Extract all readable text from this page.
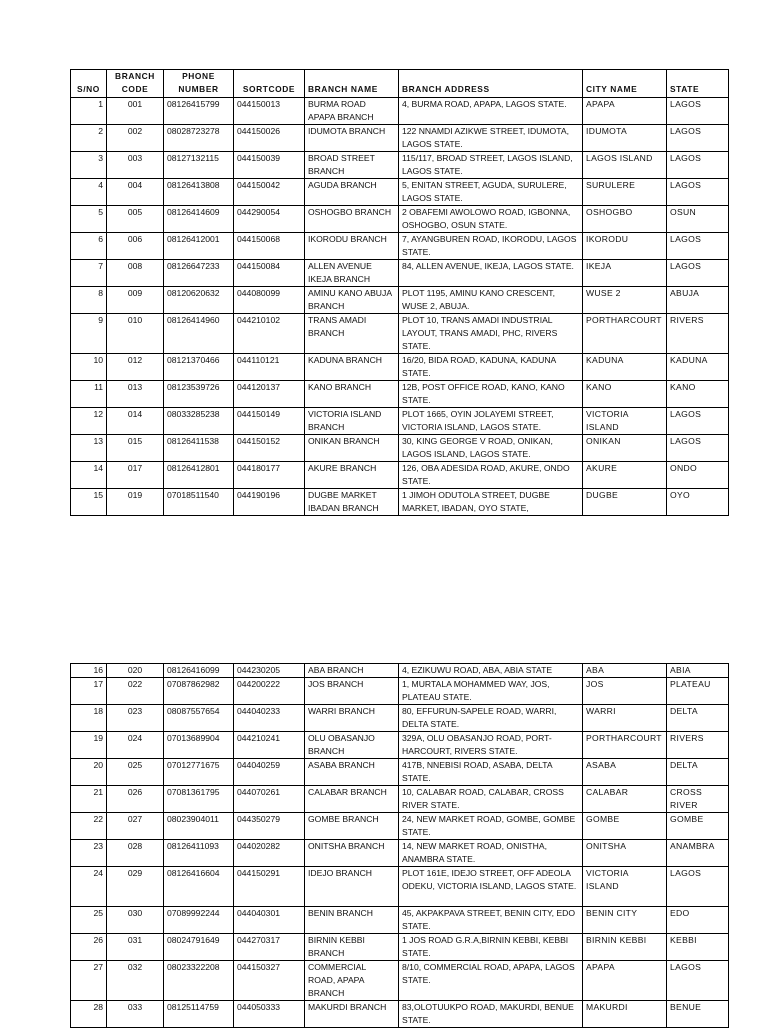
S/NO	BRANCH CODE	PHONE NUMBER	SORTCODE	BRANCH NAME	BRANCH ADDRESS	CITY NAME	STATE
1	001	08126415799	044150013	BURMA ROAD APAPA BRANCH	4, BURMA ROAD, APAPA, LAGOS STATE.	APAPA	LAGOS
2	002	08028723278	044150026	IDUMOTA BRANCH	122 NNAMDI AZIKWE STREET, IDUMOTA, LAGOS STATE.	IDUMOTA	LAGOS
3	003	08127132115	044150039	BROAD STREET BRANCH	115/117, BROAD STREET, LAGOS ISLAND, LAGOS STATE.	LAGOS ISLAND	LAGOS
4	004	08126413808	044150042	AGUDA BRANCH	5, ENITAN STREET, AGUDA, SURULERE, LAGOS STATE.	SURULERE	LAGOS
5	005	08126414609	044290054	OSHOGBO BRANCH	2 OBAFEMI AWOLOWO ROAD, IGBONNA, OSHOGBO, OSUN STATE.	OSHOGBO	OSUN
6	006	08126412001	044150068	IKORODU BRANCH	7, AYANGBUREN ROAD, IKORODU, LAGOS STATE.	IKORODU	LAGOS
7	008	08126647233	044150084	ALLEN AVENUE IKEJA BRANCH	84, ALLEN AVENUE, IKEJA, LAGOS STATE.	IKEJA	LAGOS
8	009	08120620632	044080099	AMINU KANO ABUJA BRANCH	PLOT 1195, AMINU KANO CRESCENT, WUSE 2, ABUJA.	WUSE 2	ABUJA
9	010	08126414960	044210102	TRANS AMADI BRANCH	PLOT 10, TRANS AMADI INDUSTRIAL LAYOUT, TRANS AMADI, PHC, RIVERS STATE.	PORTHARCOURT	RIVERS
10	012	08121370466	044110121	KADUNA BRANCH	16/20, BIDA ROAD, KADUNA, KADUNA STATE.	KADUNA	KADUNA
11	013	08123539726	044120137	KANO BRANCH	12B, POST OFFICE ROAD, KANO, KANO STATE.	KANO	KANO
12	014	08033285238	044150149	VICTORIA ISLAND BRANCH	PLOT 1665, OYIN JOLAYEMI STREET, VICTORIA ISLAND, LAGOS STATE.	VICTORIA ISLAND	LAGOS
13	015	08126411538	044150152	ONIKAN BRANCH	30, KING GEORGE V ROAD, ONIKAN, LAGOS ISLAND, LAGOS STATE.	ONIKAN	LAGOS
14	017	08126412801	044180177	AKURE BRANCH	126, OBA ADESIDA ROAD, AKURE, ONDO STATE.	AKURE	ONDO
15	019	07018511540	044190196	DUGBE MARKET IBADAN BRANCH	1 JIMOH ODUTOLA STREET, DUGBE MARKET, IBADAN, OYO STATE,	DUGBE	OYO
16	020	08126416099	044230205	ABA BRANCH	4, EZIKUWU ROAD, ABA, ABIA STATE	ABA	ABIA
17	022	07087862982	044200222	JOS BRANCH	1, MURTALA MOHAMMED WAY, JOS, PLATEAU STATE.	JOS	PLATEAU
18	023	08087557654	044040233	WARRI BRANCH	80, EFFURUN-SAPELE ROAD, WARRI, DELTA STATE.	WARRI	DELTA
19	024	07013689904	044210241	OLU OBASANJO BRANCH	329A, OLU OBASANJO ROAD, PORT-HARCOURT, RIVERS STATE.	PORTHARCOURT	RIVERS
20	025	07012771675	044040259	ASABA BRANCH	417B, NNEBISI ROAD, ASABA, DELTA STATE.	ASABA	DELTA
21	026	07081361795	044070261	CALABAR BRANCH	10, CALABAR ROAD, CALABAR, CROSS RIVER STATE.	CALABAR	CROSS RIVER
22	027	08023904011	044350279	GOMBE BRANCH	24, NEW MARKET ROAD, GOMBE, GOMBE STATE.	GOMBE	GOMBE
23	028	08126411093	044020282	ONITSHA BRANCH	14, NEW MARKET ROAD, ONISTHA, ANAMBRA STATE.	ONITSHA	ANAMBRA
24	029	08126416604	044150291	IDEJO BRANCH	PLOT 161E, IDEJO STREET, OFF ADEOLA ODEKU, VICTORIA ISLAND, LAGOS STATE.	VICTORIA ISLAND	LAGOS
25	030	07089992244	044040301	BENIN BRANCH	45, AKPAKPAVA STREET, BENIN CITY, EDO STATE.	BENIN CITY	EDO
26	031	08024791649	044270317	BIRNIN KEBBI BRANCH	1 JOS ROAD G.R.A,BIRNIN KEBBI, KEBBI STATE.	BIRNIN KEBBI	KEBBI
27	032	08023322208	044150327	COMMERCIAL ROAD, APAPA BRANCH	8/10, COMMERCIAL ROAD, APAPA, LAGOS STATE.	APAPA	LAGOS
28	033	08125114759	044050333	MAKURDI BRANCH	83,OLOTUUKPO ROAD, MAKURDI, BENUE STATE.	MAKURDI	BENUE
